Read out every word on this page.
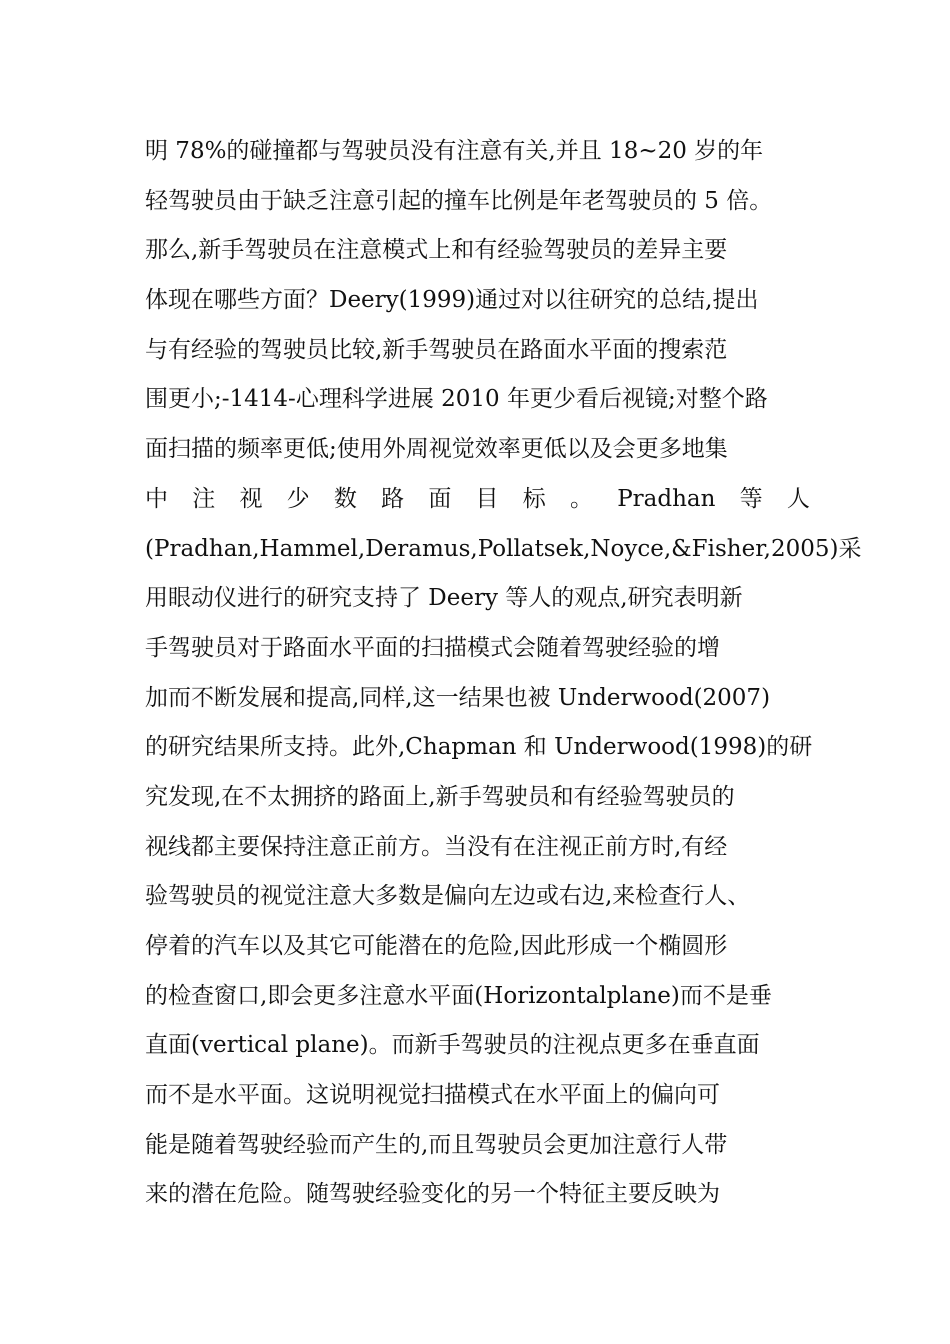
明 78%的碰撞都与驾驶员没有注意有关,并且 18~20 岁的年
轻驾驶员由于缺乏注意引起的撞车比例是年老驾驶员的 5 倍。
那么,新手驾驶员在注意模式上和有经验驾驶员的差异主要
体现在哪些方面？Deery(1999)通过对以往研究的总结,提出
与有经验的驾驶员比较,新手驾驶员在路面水平面的搜索范
围更小;-1414-心理科学进展 2010 年更少看后视镜;对整个路
面扫描的频率更低;使用外周视觉效率更低以及会更多地集
中 注 视 少 数 路 面 目 标 。 Pradhan 等 人
(Pradhan,Hammel,Deramus,Pollatsek,Noyce,&Fisher,2005) 采
用眼动仪进行的研究支持了 Deery 等人的观点,研究表明新
手驾驶员对于路面水平面的扫描模式会随着驾驶经验的增
加而不断发展和提高,同样,这一结果也被 Underwood(2007)
的研究结果所支持。此外,Chapman 和 Underwood(1998)的研
究发现,在不太拥挤的路面上,新手驾驶员和有经验驾驶员的
视线都主要保持注意正前方。当没有在注视正前方时,有经
验驾驶员的视觉注意大多数是偏向左边或右边,来检查行人、
停着的汽车以及其它可能潜在的危险,因此形成一个椭圆形
的检查窗口,即会更多注意水平面(Horizontalplane)而不是垂
直面(vertical plane)。而新手驾驶员的注视点更多在垂直面
而不是水平面。这说明视觉扫描模式在水平面上的偏向可
能是随着驾驶经验而产生的,而且驾驶员会更加注意行人带
来的潜在危险。随驾驶经验变化的另一个特征主要反映为
